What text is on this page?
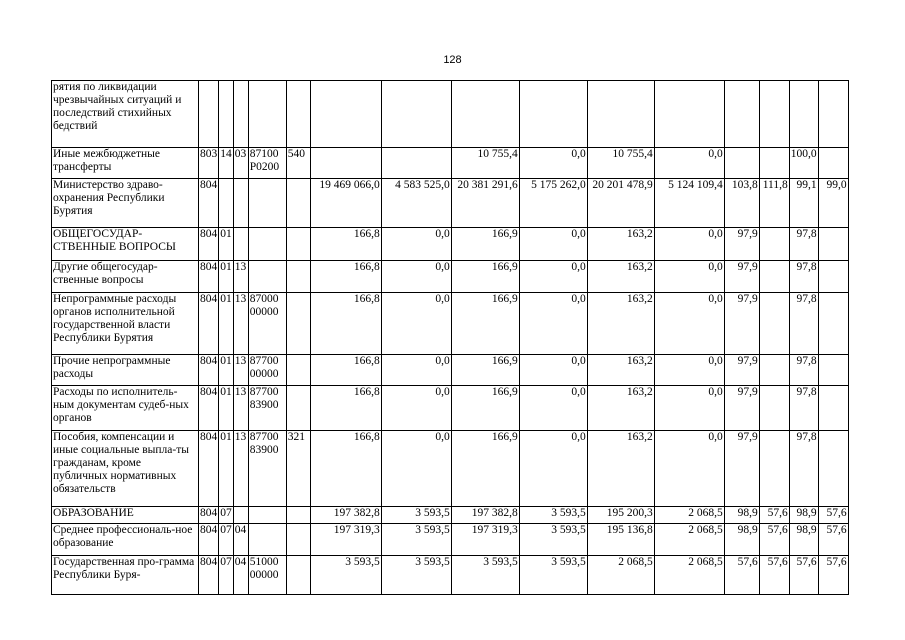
128
рятия по ликвидации чрезвычайных ситуаций и последствий стихийных бедствий															
Иные межбюджетные трансферты	803	14	03	87100 P0200	540			10 755,4	0,0	10 755,4	0,0			100,0	
Министерство здраво-охранения Республики Бурятия	804					19 469 066,0	4 583 525,0	20 381 291,6	5 175 262,0	20 201 478,9	5 124 109,4	103,8	111,8	99,1	99,0
ОБЩЕГОСУДАР-СТВЕННЫЕ ВОПРОСЫ	804	01				166,8	0,0	166,9	0,0	163,2	0,0	97,9		97,8	
Другие общегосудар-ственные вопросы	804	01	13			166,8	0,0	166,9	0,0	163,2	0,0	97,9		97,8	
Непрограммные расходы органов исполнительной государственной власти Республики Бурятия	804	01	13	87000 00000		166,8	0,0	166,9	0,0	163,2	0,0	97,9		97,8	
Прочие непрограммные расходы	804	01	13	87700 00000		166,8	0,0	166,9	0,0	163,2	0,0	97,9		97,8	
Расходы по исполнитель-ным документам судеб-ных органов	804	01	13	87700 83900		166,8	0,0	166,9	0,0	163,2	0,0	97,9		97,8	
Пособия, компенсации и иные социальные выпла-ты гражданам, кроме публичных нормативных обязательств	804	01	13	87700 83900	321	166,8	0,0	166,9	0,0	163,2	0,0	97,9		97,8	
ОБРАЗОВАНИЕ	804	07				197 382,8	3 593,5	197 382,8	3 593,5	195 200,3	2 068,5	98,9	57,6	98,9	57,6
Среднее профессиональ-ное образование	804	07	04			197 319,3	3 593,5	197 319,3	3 593,5	195 136,8	2 068,5	98,9	57,6	98,9	57,6
Государственная про-грамма Республики Буря-	804	07	04	51000 00000		3 593,5	3 593,5	3 593,5	3 593,5	2 068,5	2 068,5	57,6	57,6	57,6	57,6
